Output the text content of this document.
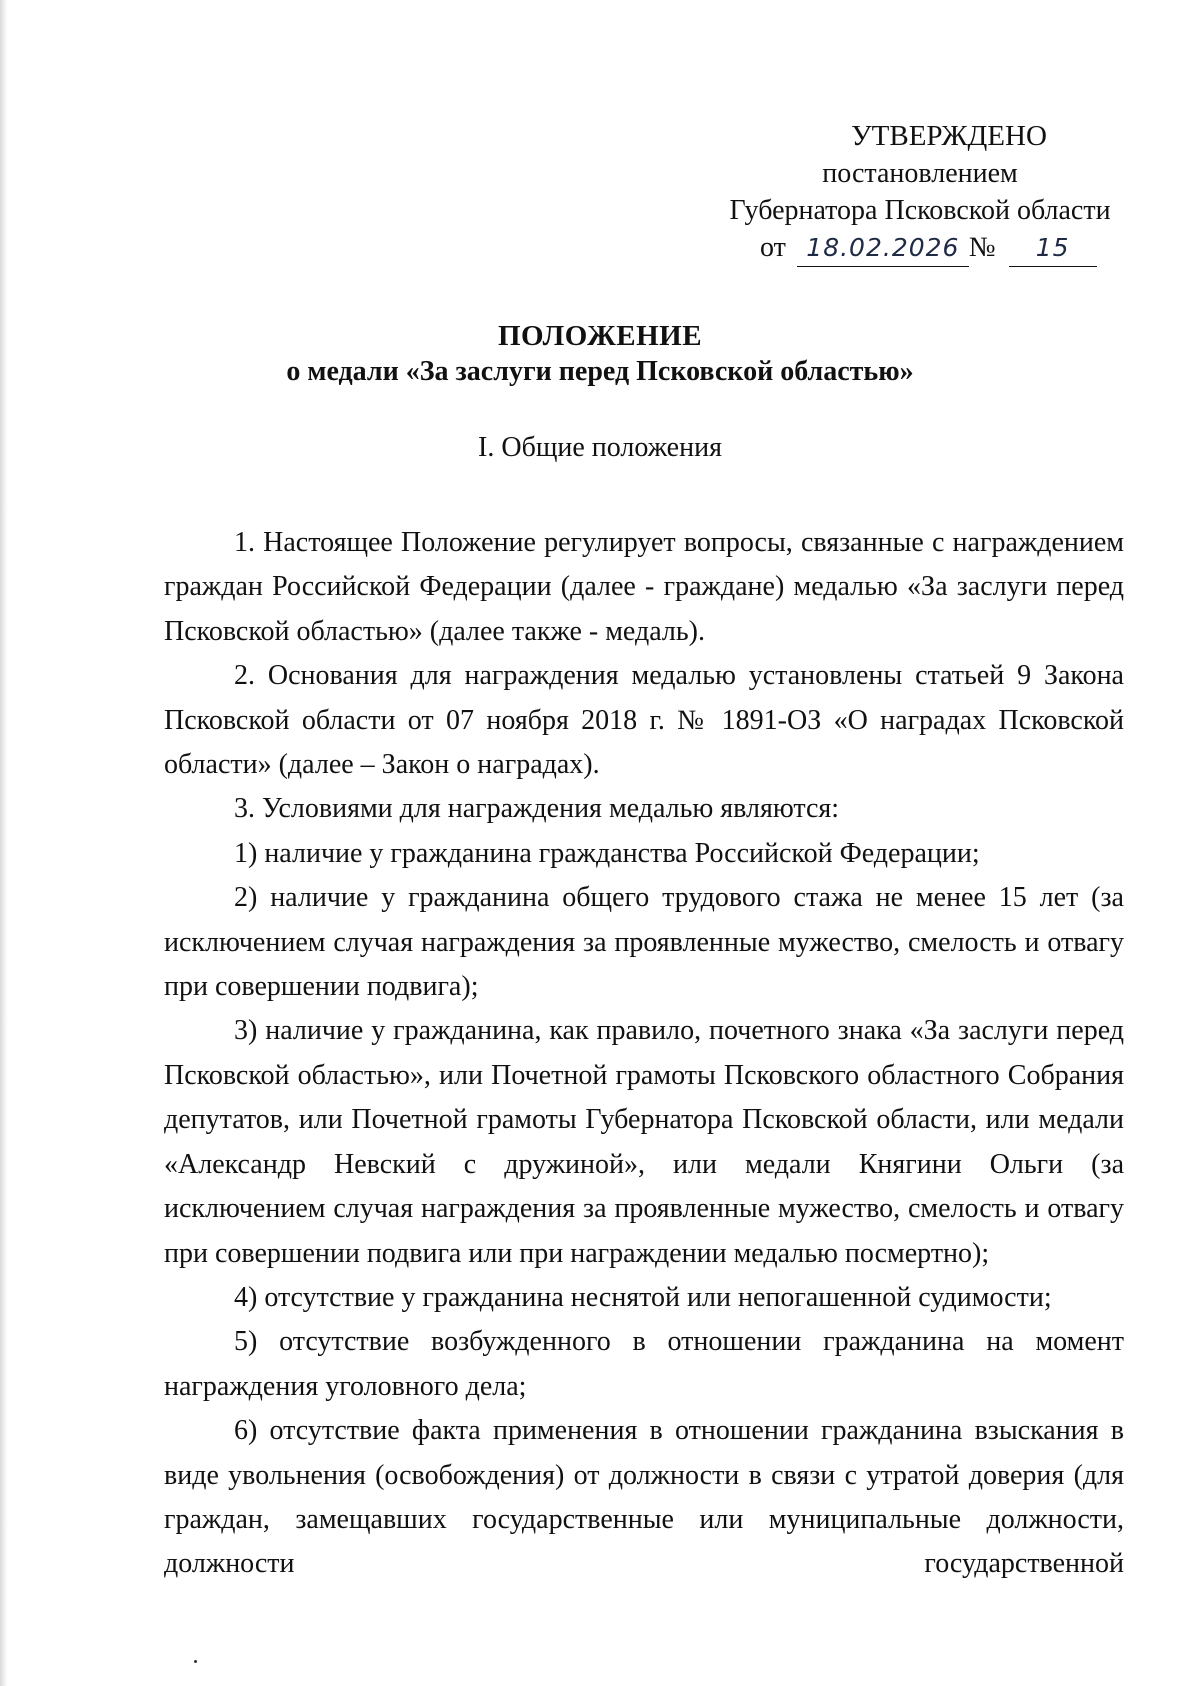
УТВЕРЖДЕНО
постановлением
Губернатора Псковской области
от 18.02.2026 № 15
ПОЛОЖЕНИЕ
о медали «За заслуги перед Псковской областью»
I. Общие положения

1. Настоящее Положение регулирует вопросы, связанные с награждением граждан Российской Федерации (далее - граждане) медалью «За заслуги перед Псковской областью» (далее также - медаль).

2. Основания для награждения медалью установлены статьей 9 Закона Псковской области от 07 ноября 2018 г. № 1891-ОЗ «О наградах Псковской области» (далее – Закон о наградах).

3. Условиями для награждения медалью являются:

1) наличие у гражданина гражданства Российской Федерации;

2) наличие у гражданина общего трудового стажа не менее 15 лет (за исключением случая награждения за проявленные мужество, смелость и отвагу при совершении подвига);

3) наличие у гражданина, как правило, почетного знака «За заслуги перед Псковской областью», или Почетной грамоты Псковского областного Собрания депутатов, или Почетной грамоты Губернатора Псковской области, или медали «Александр Невский с дружиной», или медали Княгини Ольги (за исключением случая награждения за проявленные мужество, смелость и отвагу при совершении подвига или при награждении медалью посмертно);

4) отсутствие у гражданина неснятой или непогашенной судимости;

5) отсутствие возбужденного в отношении гражданина на момент награждения уголовного дела;

6) отсутствие факта применения в отношении гражданина взыскания в виде увольнения (освобождения) от должности в связи с утратой доверия (для граждан, замещавших государственные или муниципальные должности, должности государственной
